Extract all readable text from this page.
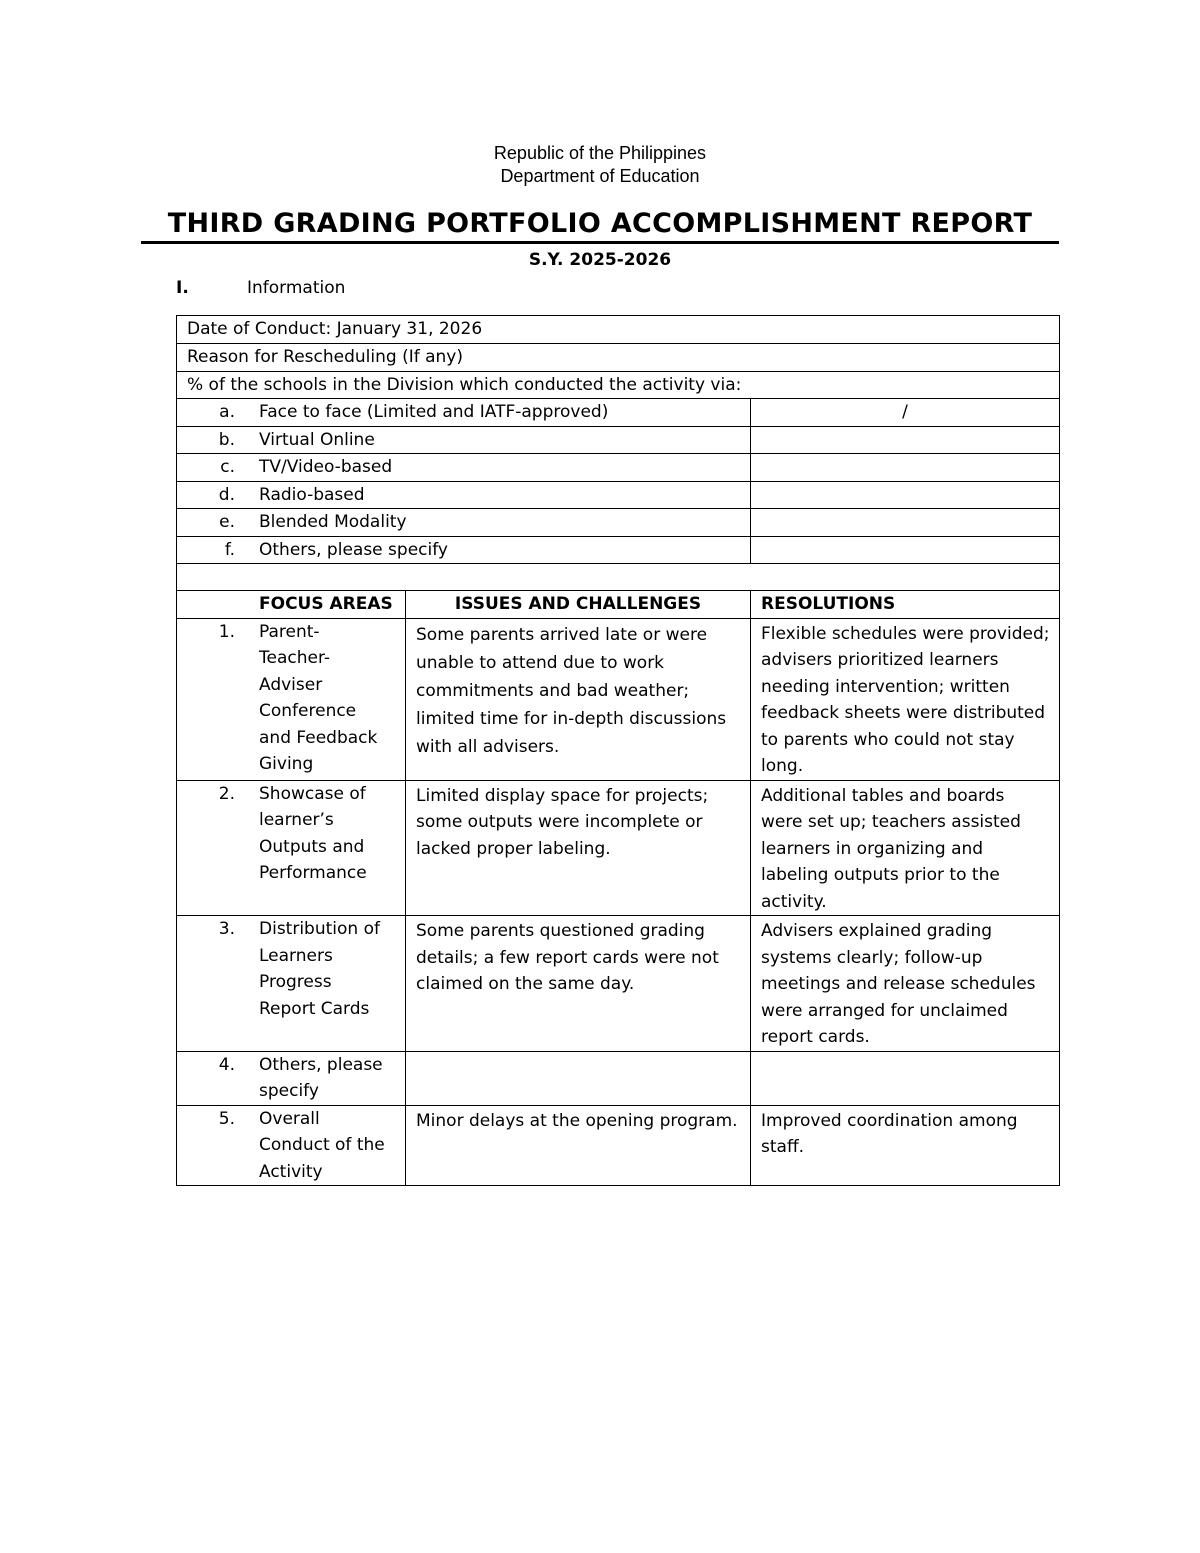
Republic of the Philippines
Department of Education
THIRD GRADING PORTFOLIO ACCOMPLISHMENT REPORT
S.Y. 2025-2026
I.	Information
Date of Conduct: January 31, 2026		
Reason for Rescheduling (If any)		
% of the schools in the Division which conducted the activity via:		

a. Face to face (Limited and IATF-approved)		/

b. Virtual Online		

c. TV/Video-based		

d. Radio-based		

e. Blended Modality		

f. Others, please specify		

FOCUS AREAS	ISSUES AND CHALLENGES	RESOLUTIONS

1. Parent-Teacher-Adviser Conference and Feedback Giving	Some parents arrived late or were unable to attend due to work commitments and bad weather; limited time for in-depth discussions with all advisers.	Flexible schedules were provided; advisers prioritized learners needing intervention; written feedback sheets were distributed to parents who could not stay long.

2. Showcase of learner’s Outputs and Performance	Limited display space for projects; some outputs were incomplete or lacked proper labeling.	Additional tables and boards were set up; teachers assisted learners in organizing and labeling outputs prior to the activity.

3. Distribution of Learners Progress Report Cards	Some parents questioned grading details; a few report cards were not claimed on the same day.	Advisers explained grading systems clearly; follow-up meetings and release schedules were arranged for unclaimed report cards.

4. Others, please specify		

5. Overall Conduct of the Activity	Minor delays at the opening program.	Improved coordination among staff.
